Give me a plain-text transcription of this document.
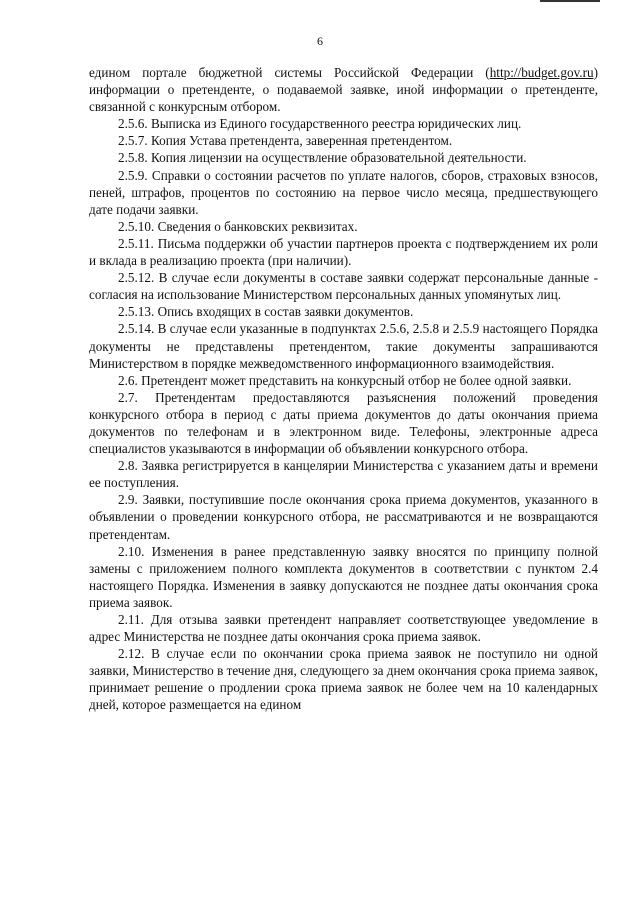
6

едином портале бюджетной системы Российской Федерации (http://budget.gov.ru) информации о претенденте, о подаваемой заявке, иной информации о претенденте, связанной с конкурсным отбором.

2.5.6. Выписка из Единого государственного реестра юридических лиц.

2.5.7. Копия Устава претендента, заверенная претендентом.

2.5.8. Копия лицензии на осуществление образовательной деятельности.

2.5.9. Справки о состоянии расчетов по уплате налогов, сборов, страховых взносов, пеней, штрафов, процентов по состоянию на первое число месяца, предшествующего дате подачи заявки.

2.5.10. Сведения о банковских реквизитах.

2.5.11. Письма поддержки об участии партнеров проекта с подтверждением их роли и вклада в реализацию проекта (при наличии).

2.5.12. В случае если документы в составе заявки содержат персональные данные - согласия на использование Министерством персональных данных упомянутых лиц.

2.5.13. Опись входящих в состав заявки документов.

2.5.14. В случае если указанные в подпунктах 2.5.6, 2.5.8 и 2.5.9 настоящего Порядка документы не представлены претендентом, такие документы запрашиваются Министерством в порядке межведомственного информационного взаимодействия.

2.6. Претендент может представить на конкурсный отбор не более одной заявки.

2.7. Претендентам предоставляются разъяснения положений проведения конкурсного отбора в период с даты приема документов до даты окончания приема документов по телефонам и в электронном виде. Телефоны, электронные адреса специалистов указываются в информации об объявлении конкурсного отбора.

2.8. Заявка регистрируется в канцелярии Министерства с указанием даты и времени ее поступления.

2.9. Заявки, поступившие после окончания срока приема документов, указанного в объявлении о проведении конкурсного отбора, не рассматриваются и не возвращаются претендентам.

2.10. Изменения в ранее представленную заявку вносятся по принципу полной замены с приложением полного комплекта документов в соответствии с пунктом 2.4 настоящего Порядка. Изменения в заявку допускаются не позднее даты окончания срока приема заявок.

2.11. Для отзыва заявки претендент направляет соответствующее уведомление в адрес Министерства не позднее даты окончания срока приема заявок.

2.12. В случае если по окончании срока приема заявок не поступило ни одной заявки, Министерство в течение дня, следующего за днем окончания срока приема заявок, принимает решение о продлении срока приема заявок не более чем на 10 календарных дней, которое размещается на едином
